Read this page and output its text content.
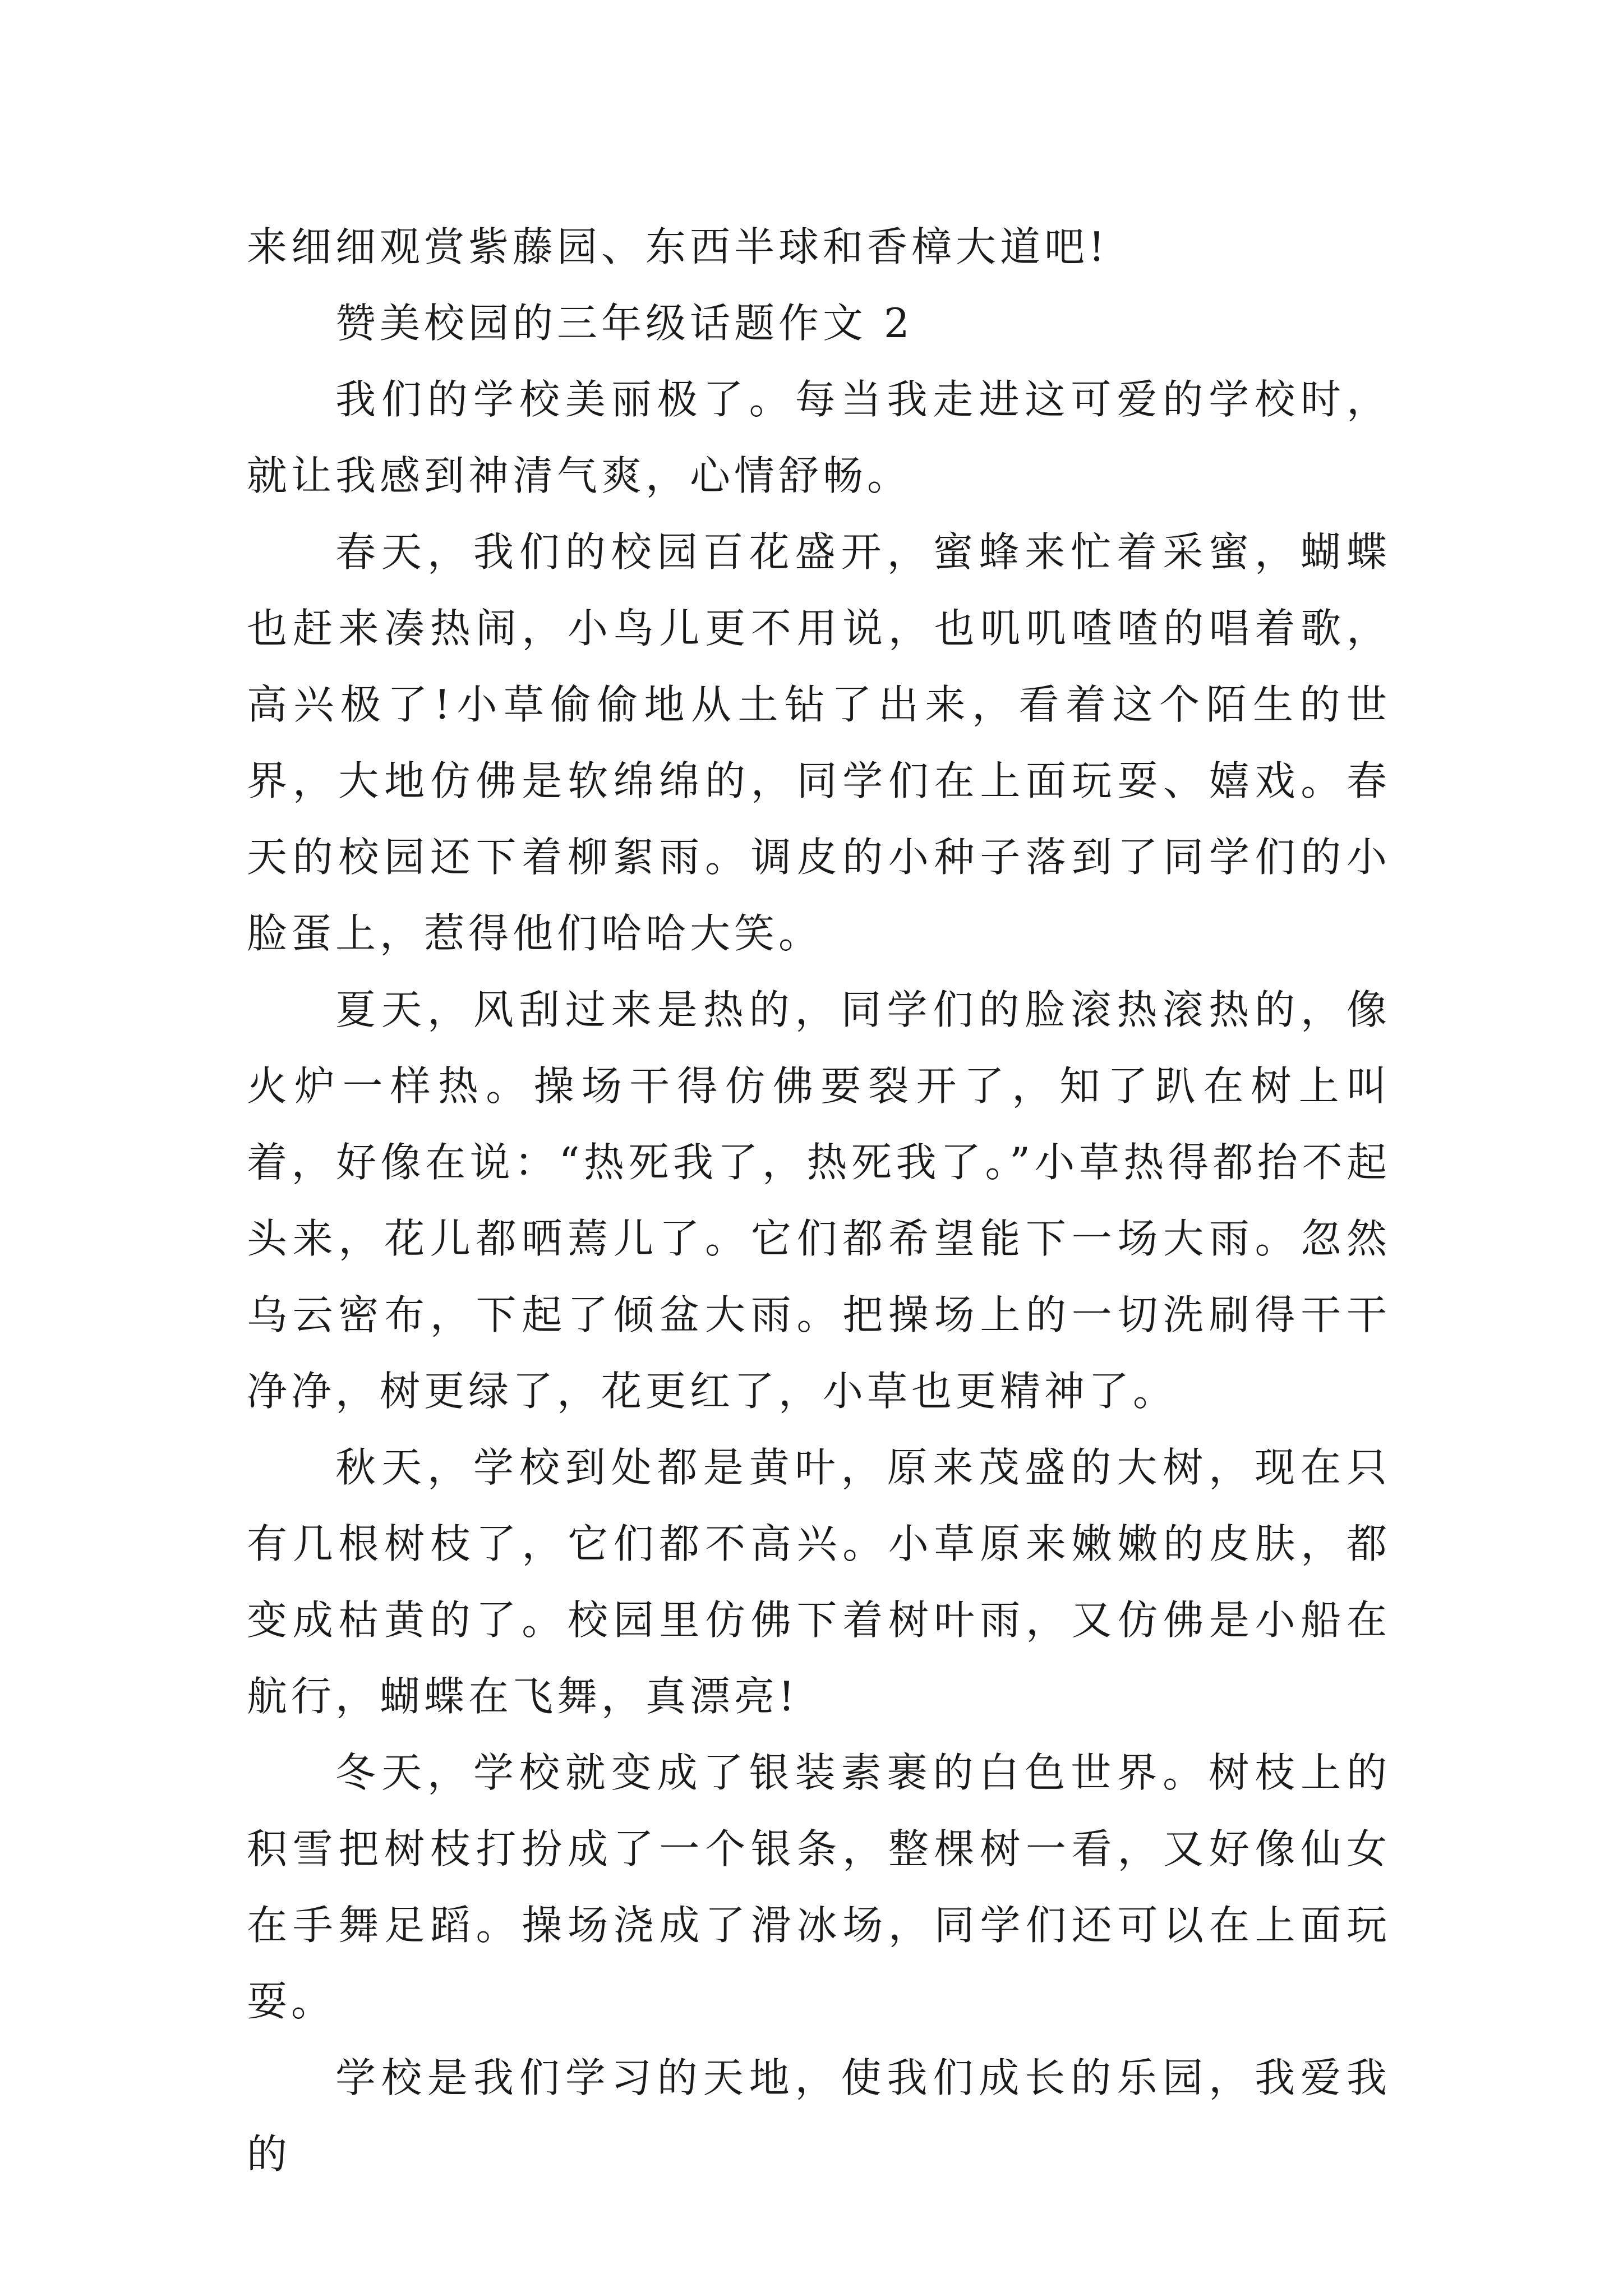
来细细观赏紫藤园、东西半球和香樟大道吧!

赞美校园的三年级话题作文 2

我们的学校美丽极了。每当我走进这可爱的学校时，就让我感到神清气爽，心情舒畅。

春天，我们的校园百花盛开，蜜蜂来忙着采蜜，蝴蝶也赶来凑热闹，小鸟儿更不用说，也叽叽喳喳的唱着歌，高兴极了!小草偷偷地从土钻了出来，看着这个陌生的世界，大地仿佛是软绵绵的，同学们在上面玩耍、嬉戏。春天的校园还下着柳絮雨。调皮的小种子落到了同学们的小脸蛋上，惹得他们哈哈大笑。

夏天，风刮过来是热的，同学们的脸滚热滚热的，像火炉一样热。操场干得仿佛要裂开了，知了趴在树上叫着，好像在说：“热死我了，热死我了。”小草热得都抬不起头来，花儿都晒蔫儿了。它们都希望能下一场大雨。忽然乌云密布，下起了倾盆大雨。把操场上的一切洗刷得干干净净，树更绿了，花更红了，小草也更精神了。

秋天，学校到处都是黄叶，原来茂盛的大树，现在只有几根树枝了，它们都不高兴。小草原来嫩嫩的皮肤，都变成枯黄的了。校园里仿佛下着树叶雨，又仿佛是小船在航行，蝴蝶在飞舞，真漂亮!

冬天，学校就变成了银装素裹的白色世界。树枝上的积雪把树枝打扮成了一个银条，整棵树一看，又好像仙女在手舞足蹈。操场浇成了滑冰场，同学们还可以在上面玩耍。

学校是我们学习的天地，使我们成长的乐园，我爱我的
